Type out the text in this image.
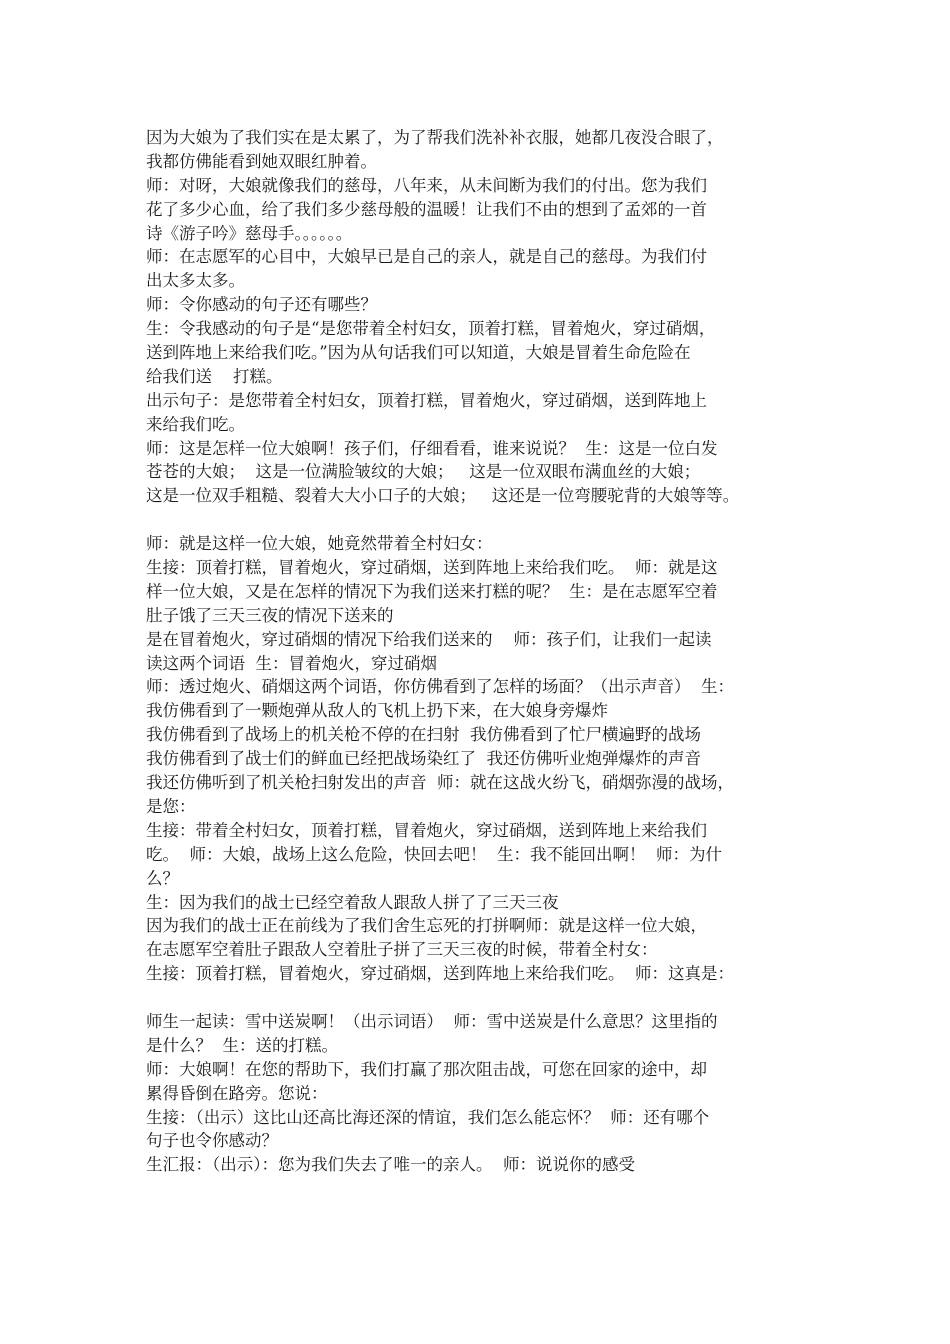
因为大娘为了我们实在是太累了，为了帮我们洗补补衣服，她都几夜没合眼了，
我都仿佛能看到她双眼红肿着。
师：对呀，大娘就像我们的慈母，八年来，从未间断为我们的付出。您为我们
花了多少心血，给了我们多少慈母般的温暖！让我们不由的想到了孟郊的一首
诗《游子吟》慈母手。。。。。。
师：在志愿军的心目中，大娘早已是自己的亲人，就是自己的慈母。为我们付
出太多太多。
师：令你感动的句子还有哪些？
生：令我感动的句子是“是您带着全村妇女，顶着打糕，冒着炮火，穿过硝烟，
送到阵地上来给我们吃。”因为从句话我们可以知道，大娘是冒着生命危险在
给我们送    打糕。
出示句子：是您带着全村妇女，顶着打糕，冒着炮火，穿过硝烟，送到阵地上
来给我们吃。
师：这是怎样一位大娘啊！孩子们，仔细看看，谁来说说？  生：这是一位白发
苍苍的大娘；  这是一位满脸皱纹的大娘；   这是一位双眼布满血丝的大娘；
这是一位双手粗糙、裂着大大小口子的大娘；   这还是一位弯腰驼背的大娘等等。
师：就是这样一位大娘，她竟然带着全村妇女：
生接：顶着打糕，冒着炮火，穿过硝烟，送到阵地上来给我们吃。  师：就是这
样一位大娘，又是在怎样的情况下为我们送来打糕的呢？  生：是在志愿军空着
肚子饿了三天三夜的情况下送来的
是在冒着炮火，穿过硝烟的情况下给我们送来的    师：孩子们，让我们一起读
读这两个词语  生：冒着炮火，穿过硝烟
师：透过炮火、硝烟这两个词语，你仿佛看到了怎样的场面？（出示声音）  生：
我仿佛看到了一颗炮弹从敌人的飞机上扔下来，在大娘身旁爆炸
我仿佛看到了战场上的机关枪不停的在扫射  我仿佛看到了忙尸横遍野的战场
我仿佛看到了战士们的鲜血已经把战场染红了  我还仿佛听业炮弹爆炸的声音
我还仿佛听到了机关枪扫射发出的声音  师：就在这战火纷飞，硝烟弥漫的战场，
是您：
生接：带着全村妇女，顶着打糕，冒着炮火，穿过硝烟，送到阵地上来给我们
吃。  师：大娘，战场上这么危险，快回去吧！  生：我不能回出啊！  师：为什
么？
生：因为我们的战士已经空着敌人跟敌人拼了了三天三夜
因为我们的战士正在前线为了我们舍生忘死的打拼啊师：就是这样一位大娘，
在志愿军空着肚子跟敌人空着肚子拼了三天三夜的时候，带着全村女：
生接：顶着打糕，冒着炮火，穿过硝烟，送到阵地上来给我们吃。  师：这真是：
师生一起读：雪中送炭啊！（出示词语）  师：雪中送炭是什么意思？这里指的
是什么？  生：送的打糕。
师：大娘啊！在您的帮助下，我们打赢了那次阻击战，可您在回家的途中，却
累得昏倒在路旁。您说：
生接：（出示）这比山还高比海还深的情谊，我们怎么能忘怀？  师：还有哪个
句子也令你感动？
生汇报：（出示）：您为我们失去了唯一的亲人。  师：说说你的感受
